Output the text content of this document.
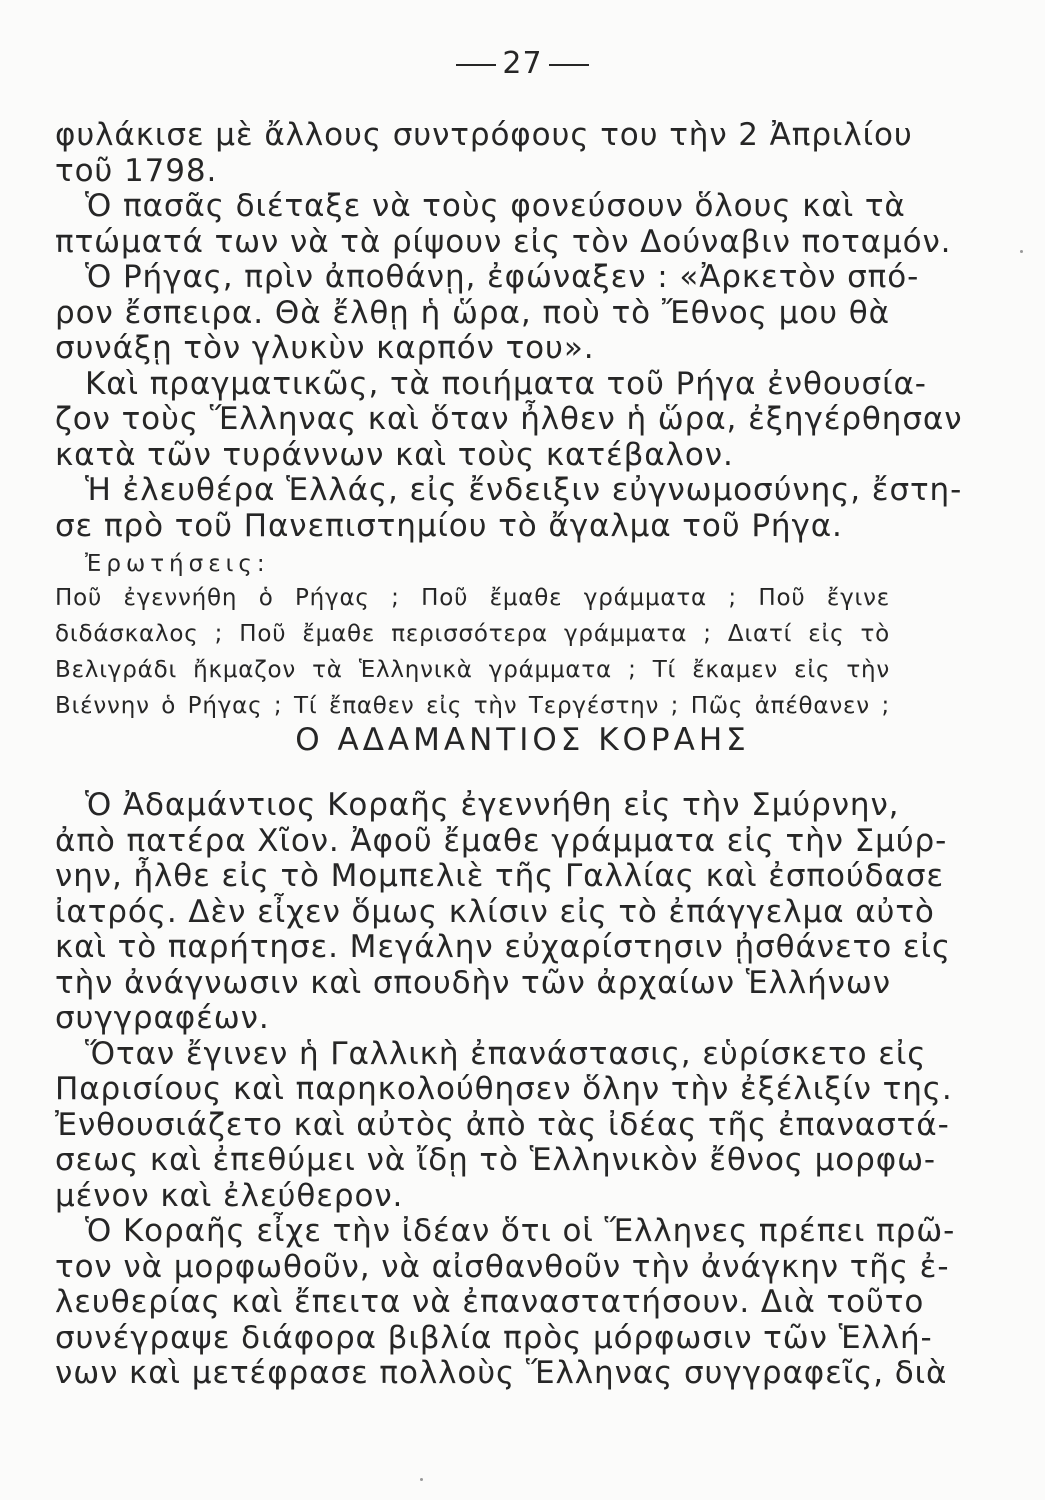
27
φυλάκισε μὲ ἄλλους συντρόφους του τὴν 2 Ἀπριλίου
τοῦ 1798.
Ὁ πασᾶς διέταξε νὰ τοὺς φονεύσουν ὅλους καὶ τὰ
πτώματά των νὰ τὰ ρίψουν εἰς τὸν Δούναβιν ποταμόν.
Ὁ Ρήγας, πρὶν ἀποθάνῃ, ἐφώναξεν : «Ἀρκετὸν σπό-
ρον ἔσπειρα. Θὰ ἔλθῃ ἡ ὥρα, ποὺ τὸ Ἔθνος μου θὰ
συνάξῃ τὸν γλυκὺν καρπόν του».
Καὶ πραγματικῶς, τὰ ποιήματα τοῦ Ρήγα ἐνθουσία-
ζον τοὺς Ἕλληνας καὶ ὅταν ἦλθεν ἡ ὥρα, ἐξηγέρθησαν
κατὰ τῶν τυράννων καὶ τοὺς κατέβαλον.
Ἡ ἐλευθέρα Ἑλλάς, εἰς ἔνδειξιν εὐγνωμοσύνης, ἔστη-
σε πρὸ τοῦ Πανεπιστημίου τὸ ἄγαλμα τοῦ Ρήγα.
Ἐρωτήσεις:
Ποῦ ἐγεννήθη ὁ Ρήγας ; Ποῦ ἔμαθε γράμματα ; Ποῦ ἔγινε
διδάσκαλος ; Ποῦ ἔμαθε περισσότερα γράμματα ; Διατί εἰς τὸ
Βελιγράδι ἤκμαζον τὰ Ἑλληνικὰ γράμματα ; Τί ἔκαμεν εἰς τὴν
Βιέννην ὁ Ρήγας ; Τί ἔπαθεν εἰς τὴν Τεργέστην ; Πῶς ἀπέθανεν ;
Ο ΑΔΑΜΑΝΤΙΟΣ ΚΟΡΑΗΣ
Ὁ Ἀδαμάντιος Κοραῆς ἐγεννήθη εἰς τὴν Σμύρνην,
ἀπὸ πατέρα Χῖον. Ἀφοῦ ἔμαθε γράμματα εἰς τὴν Σμύρ-
νην, ἦλθε εἰς τὸ Μομπελιὲ τῆς Γαλλίας καὶ ἐσπούδασε
ἰατρός. Δὲν εἶχεν ὅμως κλίσιν εἰς τὸ ἐπάγγελμα αὐτὸ
καὶ τὸ παρήτησε. Μεγάλην εὐχαρίστησιν ᾐσθάνετο εἰς
τὴν ἀνάγνωσιν καὶ σπουδὴν τῶν ἀρχαίων Ἑλλήνων
συγγραφέων.
Ὅταν ἔγινεν ἡ Γαλλικὴ ἐπανάστασις, εὑρίσκετο εἰς
Παρισίους καὶ παρηκολούθησεν ὅλην τὴν ἐξέλιξίν της.
Ἐνθουσιάζετο καὶ αὐτὸς ἀπὸ τὰς ἰδέας τῆς ἐπαναστά-
σεως καὶ ἐπεθύμει νὰ ἴδῃ τὸ Ἑλληνικὸν ἔθνος μορφω-
μένον καὶ ἐλεύθερον.
Ὁ Κοραῆς εἶχε τὴν ἰδέαν ὅτι οἱ Ἕλληνες πρέπει πρῶ-
τον νὰ μορφωθοῦν, νὰ αἰσθανθοῦν τὴν ἀνάγκην τῆς ἐ-
λευθερίας καὶ ἔπειτα νὰ ἐπαναστατήσουν. Διὰ τοῦτο
συνέγραψε διάφορα βιβλία πρὸς μόρφωσιν τῶν Ἑλλή-
νων καὶ μετέφρασε πολλοὺς Ἕλληνας συγγραφεῖς, διὰ
